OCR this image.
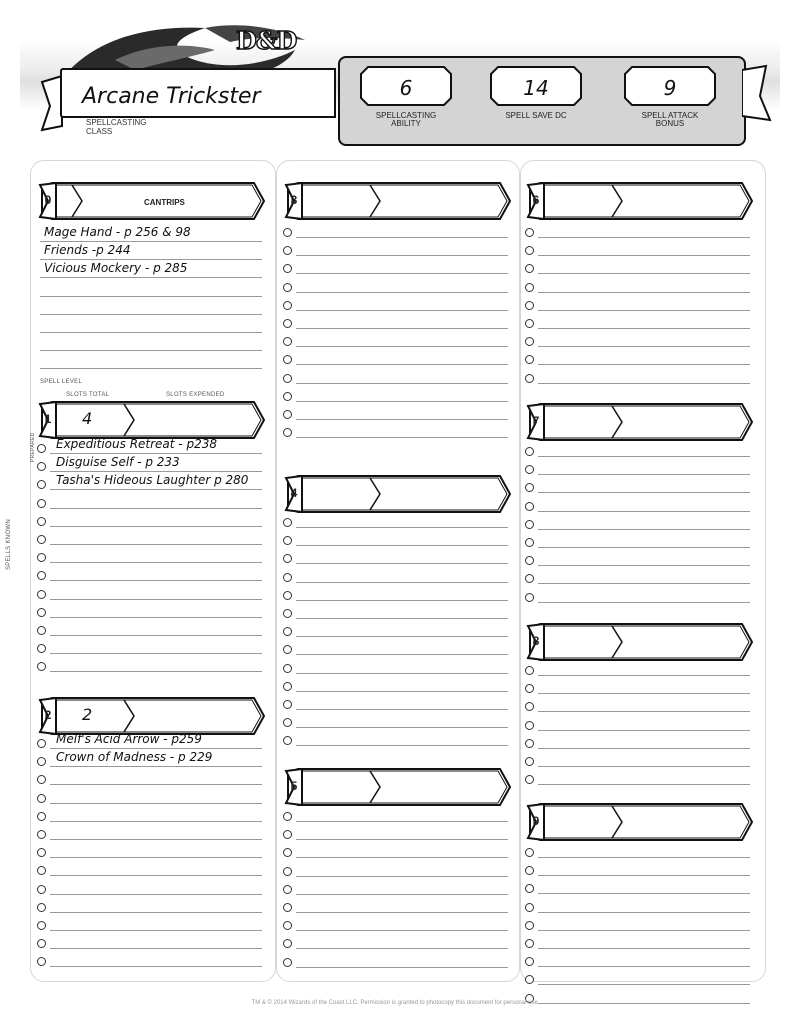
D&D
Arcane Trickster
SPELLCASTING
CLASS
6
SPELLCASTING
ABILITY
14
SPELL SAVE DC

9
SPELL ATTACK
BONUS
SPELL LEVEL
SLOTS TOTAL	SLOTS EXPENDED
SPELLS KNOWN
PREPARED
0
Mage Hand - p 256 & 98
Friends -p 244
Vicious Mockery - p 285
1 4
Expeditious Retreat - p238
Disguise Self - p 233
Tasha's Hideous Laughter p 280
2 2
Melf's Acid Arrow - p259
Crown of Madness - p 229
3
4
5
6
7
8
9
CANTRIPS
TM & © 2014 Wizards of the Coast LLC. Permission is granted to photocopy this document for personal use.
